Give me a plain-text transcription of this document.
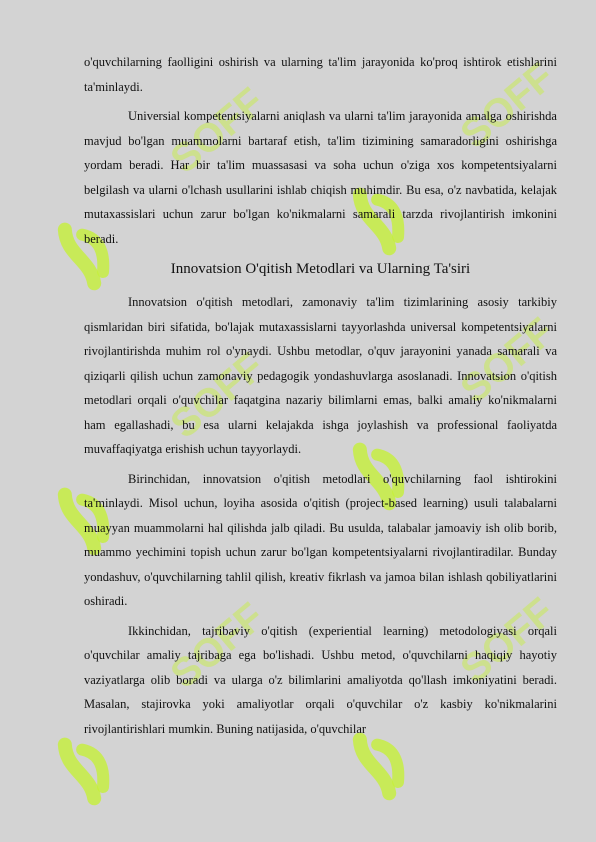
SOFF	SOFF
SOFF	SOFF
SOFF	SOFF

o'quvchilarning faolligini oshirish va ularning ta'lim jarayonida ko'proq ishtirok etishlarini ta'minlaydi.

Universial kompetentsiyalarni aniqlash va ularni ta'lim jarayonida amalga oshirishda mavjud bo'lgan muammolarni bartaraf etish, ta'lim tizimining samaradorligini oshirishga yordam beradi. Har bir ta'lim muassasasi va soha uchun o'ziga xos kompetentsiyalarni belgilash va ularni o'lchash usullarini ishlab chiqish muhimdir. Bu esa, o'z navbatida, kelajak mutaxassislari uchun zarur bo'lgan ko'nikmalarni samarali tarzda rivojlantirish imkonini beradi.

Innovatsion O'qitish Metodlari va Ularning Ta'siri

Innovatsion o'qitish metodlari, zamonaviy ta'lim tizimlarining asosiy tarkibiy qismlaridan biri sifatida, bo'lajak mutaxassislarni tayyorlashda universal kompetentsiyalarni rivojlantirishda muhim rol o'ynaydi. Ushbu metodlar, o'quv jarayonini yanada samarali va qiziqarli qilish uchun zamonaviy pedagogik yondashuvlarga asoslanadi. Innovatsion o'qitish metodlari orqali o'quvchilar faqatgina nazariy bilimlarni emas, balki amaliy ko'nikmalarni ham egallashadi, bu esa ularni kelajakda ishga joylashish va professional faoliyatda muvaffaqiyatga erishish uchun tayyorlaydi.

Birinchidan, innovatsion o'qitish metodlari o'quvchilarning faol ishtirokini ta'minlaydi. Misol uchun, loyiha asosida o'qitish (project-based learning) usuli talabalarni muayyan muammolarni hal qilishda jalb qiladi. Bu usulda, talabalar jamoaviy ish olib borib, muammo yechimini topish uchun zarur bo'lgan kompetentsiyalarni rivojlantiradilar. Bunday yondashuv, o'quvchilarning tahlil qilish, kreativ fikrlash va jamoa bilan ishlash qobiliyatlarini oshiradi.

Ikkinchidan, tajribaviy o'qitish (experiential learning) metodologiyasi orqali o'quvchilar amaliy tajribaga ega bo'lishadi. Ushbu metod, o'quvchilarni haqiqiy hayotiy vaziyatlarga olib boradi va ularga o'z bilimlarini amaliyotda qo'llash imkoniyatini beradi. Masalan, stajirovka yoki amaliyotlar orqali o'quvchilar o'z kasbiy ko'nikmalarini rivojlantirishlari mumkin. Buning natijasida, o'quvchilar
